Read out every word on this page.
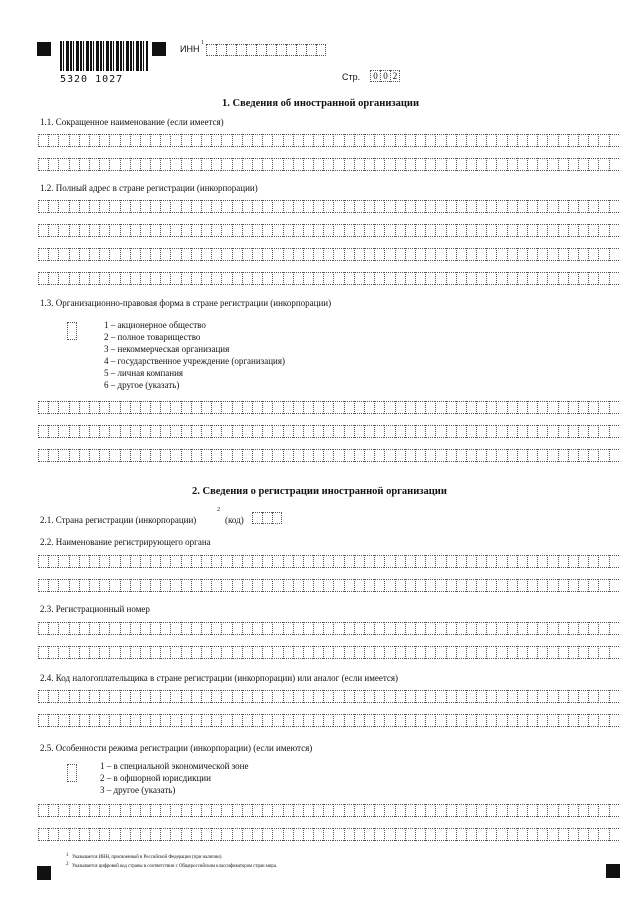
5320 1027
ИНН
1
Стр.	0 0 2
1. Сведения об иностранной организации
1.1. Сокращенное наименование (если имеется)
1.2. Полный адрес в стране регистрации (инкорпорации)
1.3. Организационно-правовая форма в стране регистрации (инкорпорации)
1 – акционерное общество
2 – полное товарищество
3 – некоммерческая организация
4 – государственное учреждение (организация)
5 – личная компания
6 – другое (указать)
2. Сведения о регистрации иностранной организации
2.1. Страна регистрации (инкорпорации)
2
(код)
2.2. Наименование регистрирующего органа
2.3. Регистрационный номер
2.4. Код налогоплательщика в стране регистрации (инкорпорации) или аналог (если имеется)
2.5. Особенности режима регистрации (инкорпорации) (если имеются)
1 – в специальной экономической зоне
2 – в офшорной юрисдикции
3 – другое (указать)
1 Указывается ИНН, присвоенный в Российской Федерации (при наличии).
2 Указывается цифровой код страны в соответствии с Общероссийским классификатором стран мира.
